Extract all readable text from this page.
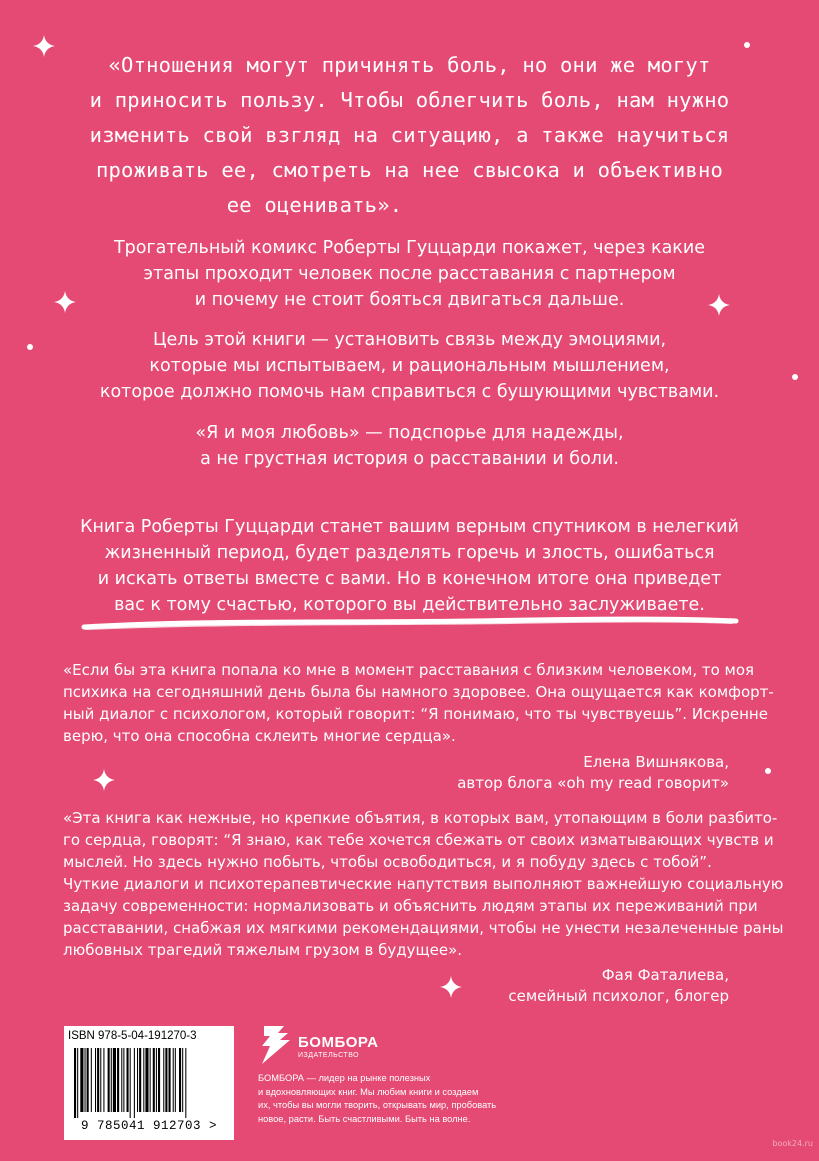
«Отношения могут причинять боль, но они же могут

и приносить пользу. Чтобы облегчить боль, нам нужно

изменить свой взгляд на ситуацию, а также научиться

проживать ее, смотреть на нее свысока и объективно

ее оценивать».

Трогательный комикс Роберты Гуццарди покажет, через какие

этапы проходит человек после расставания с партнером

и почему не стоит бояться двигаться дальше.

Цель этой книги — установить связь между эмоциями,

которые мы испытываем, и рациональным мышлением,

которое должно помочь нам справиться с бушующими чувствами.

«Я и моя любовь» — подспорье для надежды,

а не грустная история о расставании и боли.

Книга Роберты Гуццарди станет вашим верным спутником в нелегкий

жизненный период, будет разделять горечь и злость, ошибаться

и искать ответы вместе с вами. Но в конечном итоге она приведет

вас к тому счастью, которого вы действительно заслуживаете.

«Если бы эта книга попала ко мне в момент расставания с близким человеком, то моя

психика на сегодняшний день была бы намного здоровее. Она ощущается как комфорт-

ный диалог с психологом, который говорит: “Я понимаю, что ты чувствуешь”. Искренне

верю, что она способна склеить многие сердца».

Елена Вишнякова,

автор блога «oh my read говорит»

«Эта книга как нежные, но крепкие объятия, в которых вам, утопающим в боли разбито-

го сердца, говорят: “Я знаю, как тебе хочется сбежать от своих изматывающих чувств и

мыслей. Но здесь нужно побыть, чтобы освободиться, и я побуду здесь с тобой”.

Чуткие диалоги и психотерапевтические напутствия выполняют важнейшую социальную

задачу современности: нормализовать и объяснить людям этапы их переживаний при

расставании, снабжая их мягкими рекомендациями, чтобы не унести незалеченные раны

любовных трагедий тяжелым грузом в будущее».

Фая Фаталиева,

семейный психолог, блогер

ISBN 978-5-04-191270-3
9 785041 912703 >
БОМБОРА
ИЗДАТЕЛЬСТВО
БОМБОРА — лидер на рынке полезных
и вдохновляющих книг. Мы любим книги и создаем
их, чтобы вы могли творить, открывать мир, пробовать
новое, расти. Быть счастливыми. Быть на волне.
book24.ru
